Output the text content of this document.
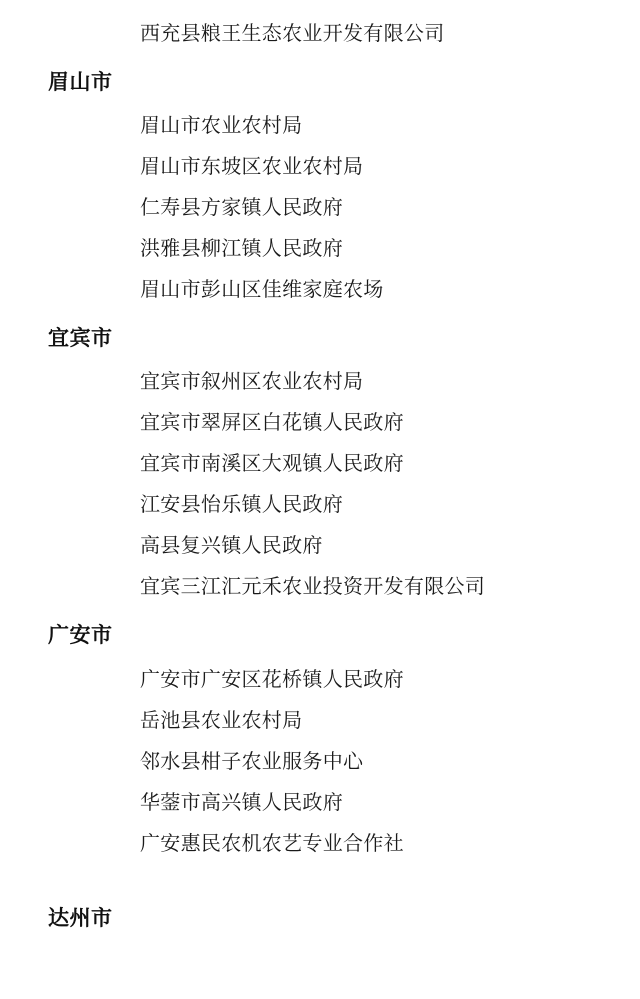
西充县粮王生态农业开发有限公司
眉山市
眉山市农业农村局
眉山市东坡区农业农村局
仁寿县方家镇人民政府
洪雅县柳江镇人民政府
眉山市彭山区佳维家庭农场
宜宾市
宜宾市叙州区农业农村局
宜宾市翠屏区白花镇人民政府
宜宾市南溪区大观镇人民政府
江安县怡乐镇人民政府
高县复兴镇人民政府
宜宾三江汇元禾农业投资开发有限公司
广安市
广安市广安区花桥镇人民政府
岳池县农业农村局
邻水县柑子农业服务中心
华蓥市高兴镇人民政府
广安惠民农机农艺专业合作社
达州市
